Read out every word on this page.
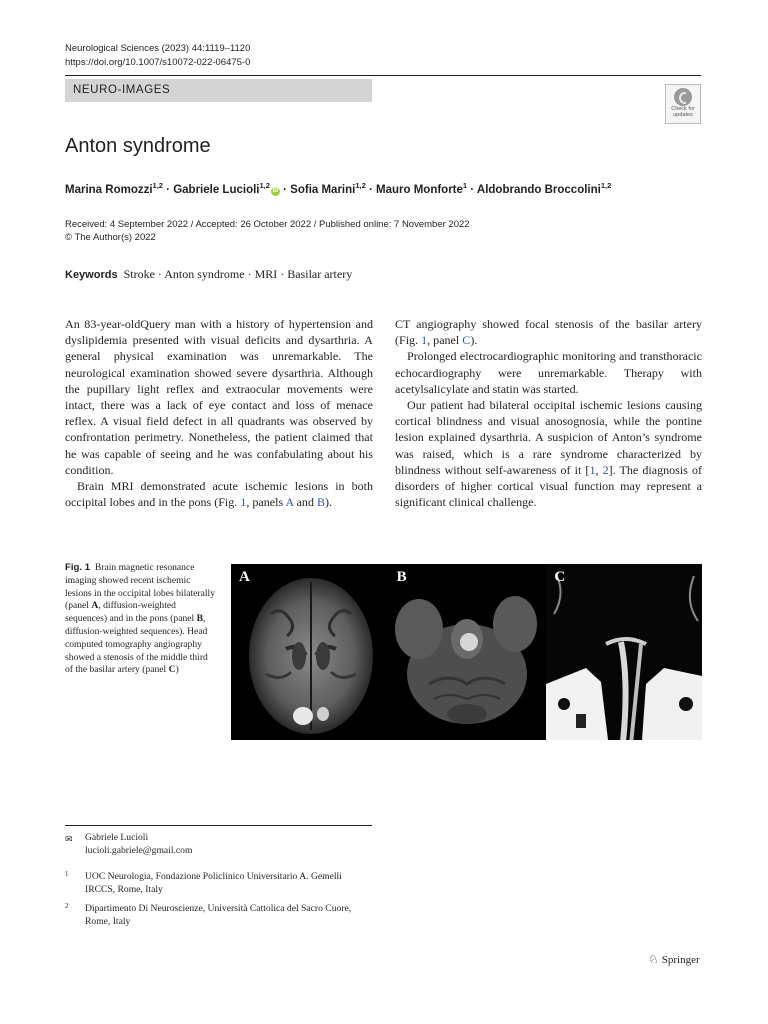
Neurological Sciences (2023) 44:1119–1120
https://doi.org/10.1007/s10072-022-06475-0
NEURO-IMAGES
Check for
updates
Anton syndrome
Marina Romozzi$^{1,2}$ · Gabriele Lucioli$^{1,2}$iD · Sofia Marini$^{1,2}$ · Mauro Monforte$^1$ · Aldobrando Broccolini$^{1,2}$
Received: 4 September 2022 / Accepted: 26 October 2022 / Published online: 7 November 2022
© The Author(s) 2022
Keywords Stroke · Anton syndrome · MRI · Basilar artery

An 83-year-oldQuery man with a history of hypertension and dyslipidemia presented with visual deficits and dysarthria. A general physical examination was unremarkable. The neurological examination showed severe dysarthria. Although the pupillary light reflex and extraocular movements were intact, there was a lack of eye contact and loss of menace reflex. A visual field defect in all quadrants was observed by confrontation perimetry. Nonetheless, the patient claimed that he was capable of seeing and he was confabulating about his condition.

Brain MRI demonstrated acute ischemic lesions in both occipital lobes and in the pons (Fig. 1, panels A and B).

CT angiography showed focal stenosis of the basilar artery (Fig. 1, panel C).

Prolonged electrocardiographic monitoring and transthoracic echocardiography were unremarkable. Therapy with acetylsalicylate and statin was started.

Our patient had bilateral occipital ischemic lesions causing cortical blindness and visual anosognosia, while the pontine lesion explained dysarthria. A suspicion of Anton’s syndrome was raised, which is a rare syndrome characterized by blindness without self-awareness of it [1, 2]. The diagnosis of disorders of higher cortical visual function may represent a significant clinical challenge.

Fig. 1 Brain magnetic resonance imaging showed recent ischemic lesions in the occipital lobes bilaterally (panel A, diffusion-weighted sequences) and in the pons (panel B, diffusion-weighted sequences). Head computed tomography angiography showed a stenosis of the middle third of the basilar artery (panel C)
A	B	C
✉ Gabriele Lucioli
lucioli.gabriele@gmail.com
1 UOC Neurologia, Fondazione Policlinico Universitario A. Gemelli IRCCS, Rome, Italy
2 Dipartimento Di Neuroscienze, Università Cattolica del Sacro Cuore, Rome, Italy
♘ Springer
